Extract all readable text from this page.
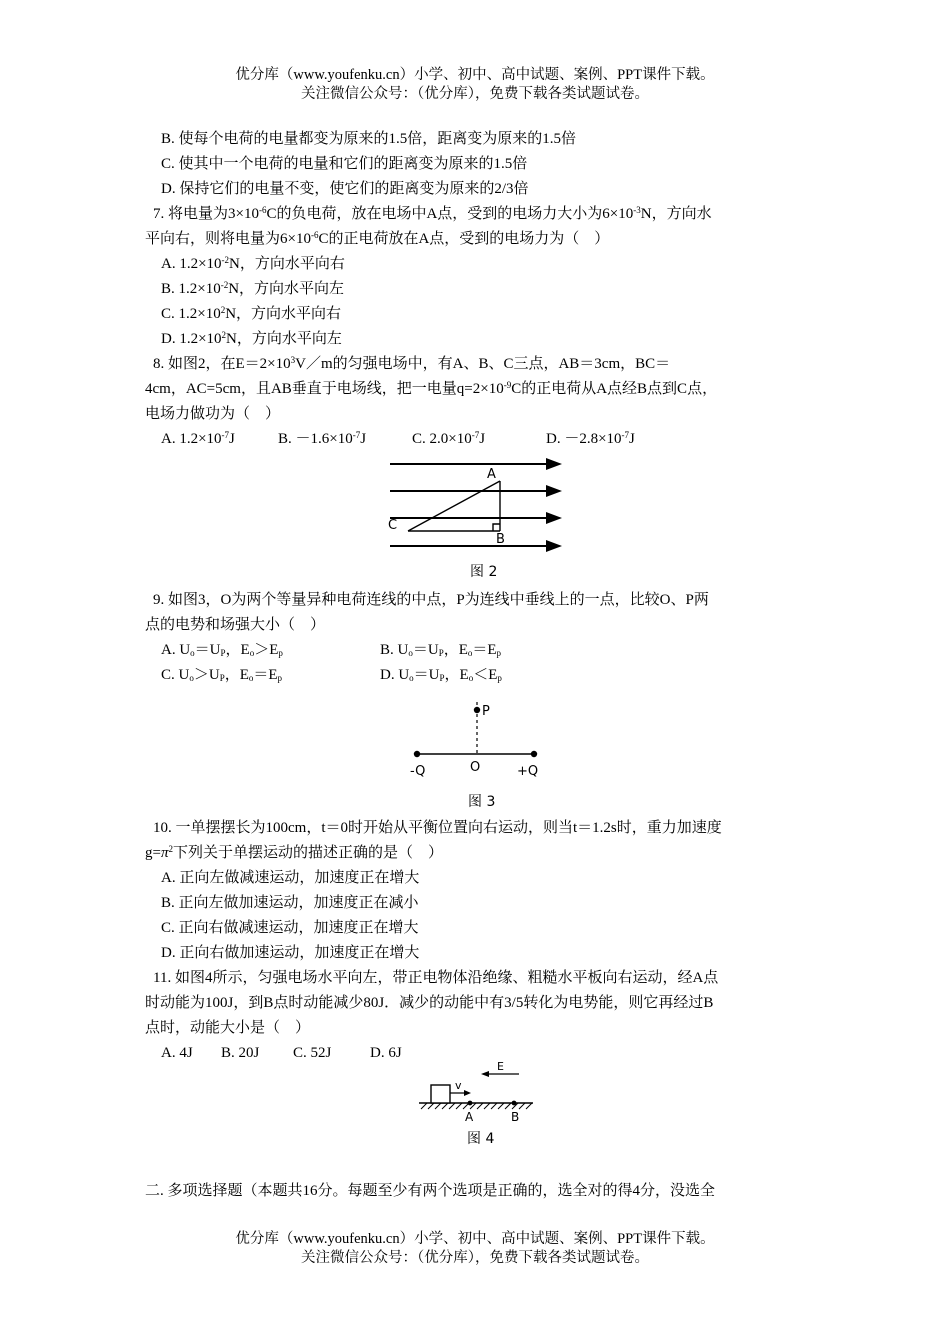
优分库（www.youfenku.cn）小学、初中、高中试题、案例、PPT课件下载。
关注微信公众号：（优分库），免费下载各类试题试卷。
B. 使每个电荷的电量都变为原来的1.5倍，距离变为原来的1.5倍
C. 使其中一个电荷的电量和它们的距离变为原来的1.5倍
D. 保持它们的电量不变，使它们的距离变为原来的2/3倍
7. 将电量为$3\times 10^{-6}C$的负电荷，放在电场中A点，受到的电场力大小为$6\times 10^{-3}N$，方向水
平向右，则将电量为$6\times 10^{-6}C$的正电荷放在A点，受到的电场力为（　）
A. $1.2\times 10^{-2}N$，方向水平向右
B. $1.2\times 10^{-2}N$，方向水平向左
C. $1.2\times 10^2N$，方向水平向右
D. $1.2\times 10^2N$，方向水平向左
8. 如图2，在$E=2\times 10^3V/m$的匀强电场中，有A、B、C三点，AB＝3cm，BC＝
4cm，AC=5cm，且AB垂直于电场线，把一电量$q=2\times 10^{-9}C$的正电荷从A点经B点到C点，
电场力做功为（　）
A. $1.2\times 10^{-7}J$	B. $-1.6\times 10^{-7}J$	C. $2.0\times 10^{-7}J$	D. $-2.8\times 10^{-7}J$
A
B
C
图 2
9. 如图3，O为两个等量异种电荷连线的中点，P为连线中垂线上的一点，比较O、P两
点的电势和场强大小（　）
A. $U_o=U_P$，$E_o>E_p$	B. $U_o=U_P$，$E_o=E_p$
C. $U_o>U_P$，$E_o=E_p$	D. $U_o=U_P$，$E_o<E_p$
P
O
-Q	+Q
图 3
10. 一单摆摆长为100cm，t＝0时开始从平衡位置向右运动，则当t＝1.2s时，重力加速度
$g=\pi^2$下列关于单摆运动的描述正确的是（　）
A. 正向左做减速运动，加速度正在增大
B. 正向左做加速运动，加速度正在减小
C. 正向右做减速运动，加速度正在增大
D. 正向右做加速运动，加速度正在增大
11. 如图4所示，匀强电场水平向左，带正电物体沿绝缘、粗糙水平板向右运动，经A点
时动能为100J，到B点时动能减少80J．减少的动能中有3/5转化为电势能，则它再经过B
点时，动能大小是（　）
A. 4J B. 20J C. 52J	D. 6J
v
E
A	B
图 4
二. 多项选择题（本题共16分。每题至少有两个选项是正确的，选全对的得4分，没选全
优分库（www.youfenku.cn）小学、初中、高中试题、案例、PPT课件下载。
关注微信公众号：（优分库），免费下载各类试题试卷。
